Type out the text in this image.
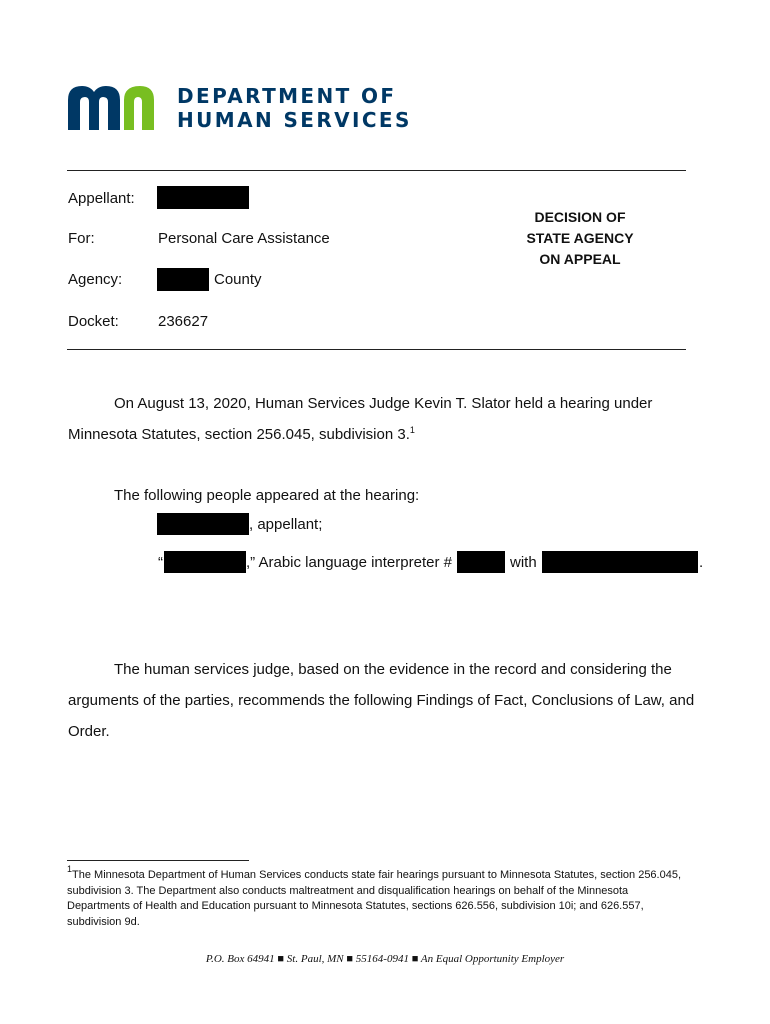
DEPARTMENT OF
HUMAN SERVICES
Appellant:
For:	Personal Care Assistance
Agency:	County
Docket:	236627
DECISION OF
STATE AGENCY
ON APPEAL
On August 13, 2020, Human Services Judge Kevin T. Slator held a hearing under
Minnesota Statutes, section 256.045, subdivision 3.$^1$
The following people appeared at the hearing:
, appellant;
“	,” Arabic language interpreter #	with	.
The human services judge, based on the evidence in the record and considering the
arguments of the parties, recommends the following Findings of Fact, Conclusions of Law, and
Order.
$^1$The Minnesota Department of Human Services conducts state fair hearings pursuant to Minnesota Statutes, section 256.045, subdivision 3. The Department also conducts maltreatment and disqualification hearings on behalf of the Minnesota Departments of Health and Education pursuant to Minnesota Statutes, sections 626.556, subdivision 10i; and 626.557, subdivision 9d.
P.O. Box 64941 ■ St. Paul, MN ■ 55164-0941 ■ An Equal Opportunity Employer
